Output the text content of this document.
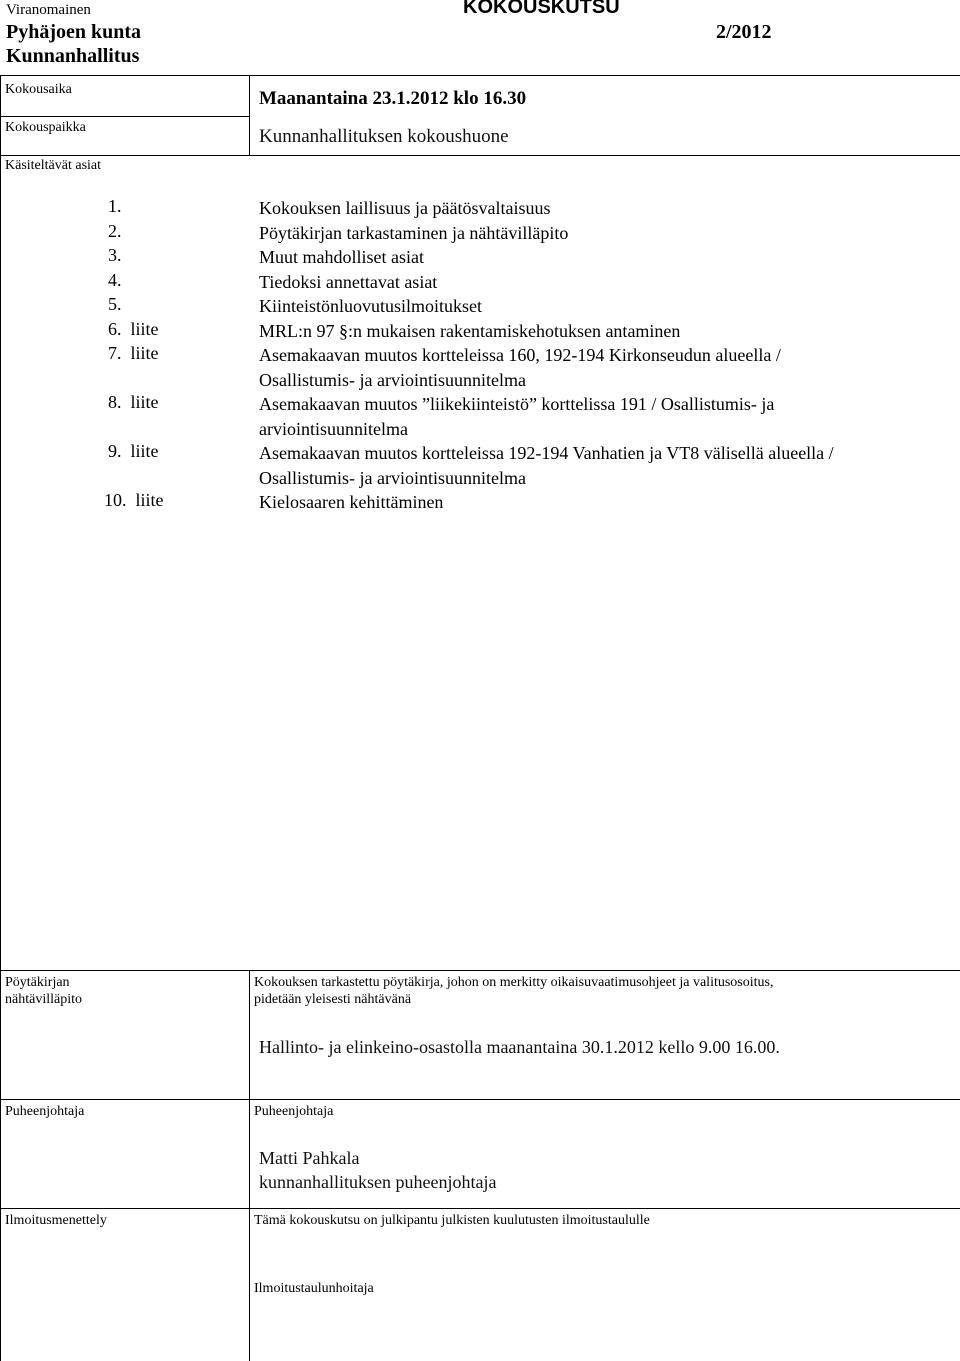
Viranomainen
Pyhäjoen kunta
Kunnanhallitus
KOKOUSKUTSU
2/2012
Kokousaika	Maanantaina 23.1.2012 klo 16.30
Kokouspaikka	Kunnanhallituksen kokoushuone
Käsiteltävät asiat
1.	Kokouksen laillisuus ja päätösvaltaisuus
2.	Pöytäkirjan tarkastaminen ja nähtävilläpito
3.	Muut mahdolliset asiat
4.	Tiedoksi annettavat asiat
5.	Kiinteistönluovutusilmoitukset
6.  liite	MRL:n 97 §:n mukaisen rakentamiskehotuksen antaminen
7.  liite	Asemakaavan muutos kortteleissa 160, 192-194 Kirkonseudun alueella /
Osallistumis- ja arviointisuunnitelma
8.  liite	Asemakaavan muutos ”liikekiinteistö” korttelissa 191 / Osallistumis- ja
arviointisuunnitelma
9.  liite	Asemakaavan muutos kortteleissa 192-194 Vanhatien ja VT8 välisellä alueella /
Osallistumis- ja arviointisuunnitelma
10.  liite	Kielosaaren kehittäminen
Pöytäkirjan
nähtävilläpito
Kokouksen tarkastettu pöytäkirja, johon on merkitty oikaisuvaatimusohjeet ja valitusosoitus,
pidetään yleisesti nähtävänä
Hallinto- ja elinkeino-osastolla maanantaina 30.1.2012 kello 9.00 16.00.
Puheenjohtaja	Puheenjohtaja
Matti Pahkala
kunnanhallituksen puheenjohtaja
Ilmoitusmenettely	Tämä kokouskutsu on julkipantu julkisten kuulutusten ilmoitustaululle
Ilmoitustaulunhoitaja
